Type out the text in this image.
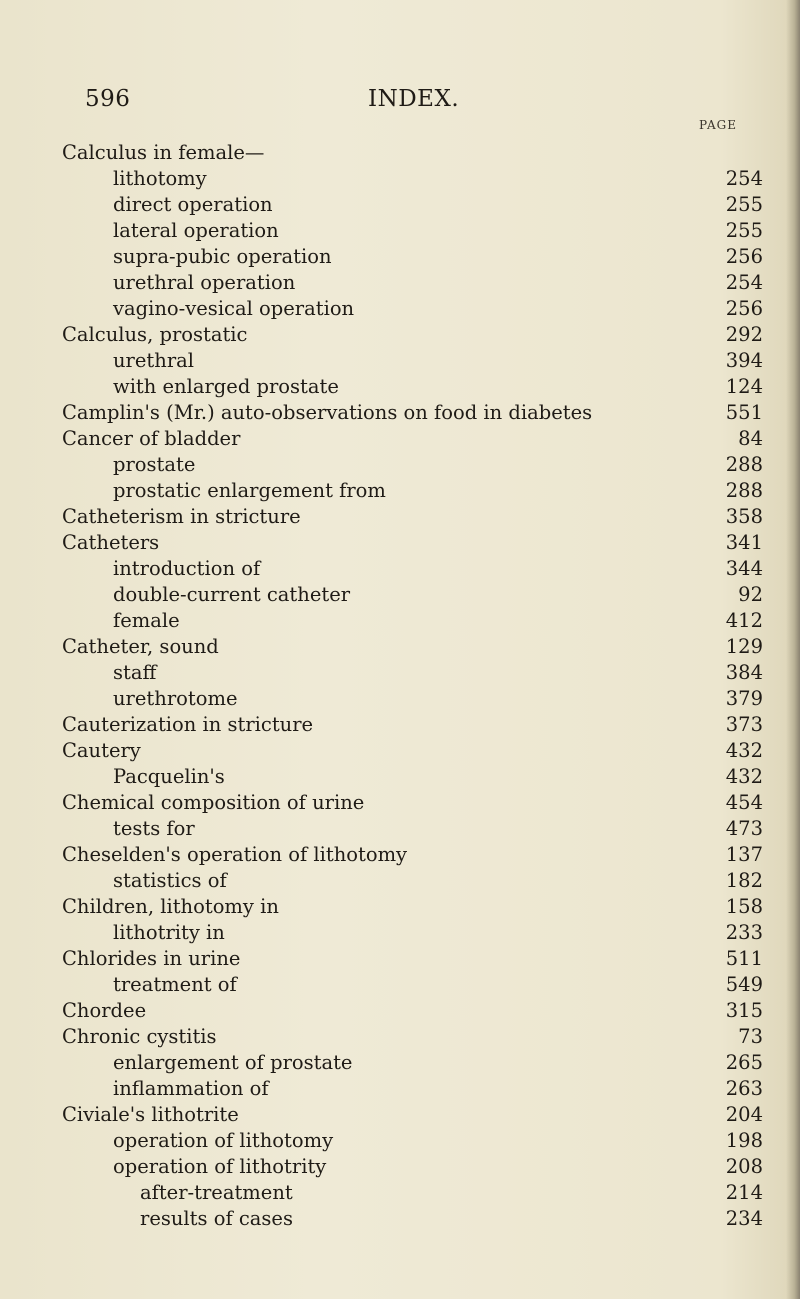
596	INDEX.
PAGE
Calculus in female—
lithotomy	254
direct operation	255
lateral operation	255
supra-pubic operation	256
urethral operation	254
vagino-vesical operation	256
Calculus, prostatic	292
urethral	394
with enlarged prostate	124
Camplin's (Mr.) auto-observations on food in diabetes	551
Cancer of bladder	84
prostate	288
prostatic enlargement from	288
Catheterism in stricture	358
Catheters	341
introduction of	344
double-current catheter	92
female	412
Catheter, sound	129
staff	384
urethrotome	379
Cauterization in stricture	373
Cautery	432
Pacquelin's	432
Chemical composition of urine	454
tests for	473
Cheselden's operation of lithotomy	137
statistics of	182
Children, lithotomy in	158
lithotrity in	233
Chlorides in urine	511
treatment of	549
Chordee	315
Chronic cystitis	73
enlargement of prostate	265
inflammation of	263
Civiale's lithotrite	204
operation of lithotomy	198
operation of lithotrity	208
after-treatment	214
results of cases	234
